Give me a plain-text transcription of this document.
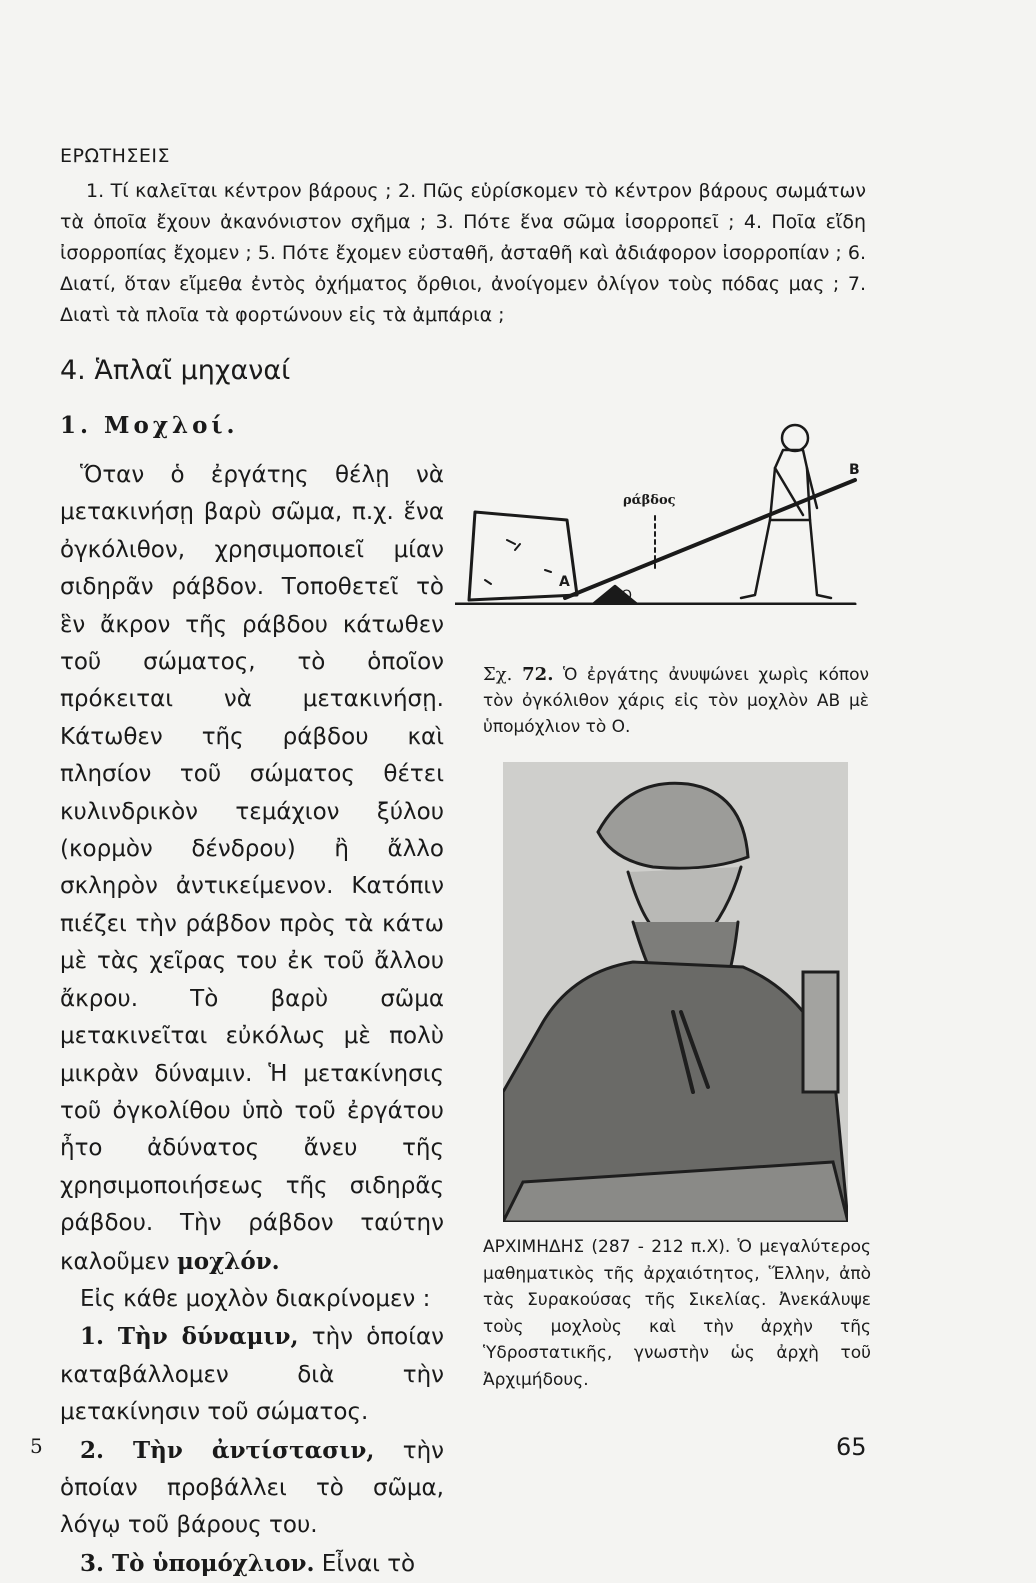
ΕΡΩΤΗΣΕΙΣ
1. Τί καλεῖται κέντρον βάρους ; 2. Πῶς εὑρίσκομεν τὸ κέντρον βάρους σωμάτων τὰ ὁποῖα ἔχουν ἀκανόνιστον σχῆμα ; 3. Πότε ἕνα σῶμα ἰσορροπεῖ ; 4. Ποῖα εἴδη ἰσορροπίας ἔχομεν ; 5. Πότε ἔχομεν εὐσταθῆ, ἀσταθῆ καὶ ἀδιάφορον ἰσορροπίαν ; 6. Διατί, ὅταν εἴμεθα ἐντὸς ὀχήματος ὄρθιοι, ἀνοίγομεν ὀλίγον τοὺς πόδας μας ; 7. Διατὶ τὰ πλοῖα τὰ φορτώνουν εἰς τὰ ἀμπάρια ;
4. Ἁπλαῖ μηχαναί
1. Μοχλοί.

Ὅταν ὁ ἐργάτης θέλῃ νὰ μετακινήσῃ βαρὺ σῶμα, π.χ. ἕνα ὀγκόλιθον, χρησιμοποιεῖ μίαν σιδηρᾶν ράβδον. Τοποθετεῖ τὸ ἓν ἄκρον τῆς ράβδου κάτωθεν τοῦ σώματος, τὸ ὁποῖον πρόκειται νὰ μετακινήσῃ. Κάτωθεν τῆς ράβδου καὶ πλησίον τοῦ σώματος θέτει κυλινδρικὸν τεμάχιον ξύλου (κορμὸν δένδρου) ἢ ἄλλο σκληρὸν ἀντικείμενον. Κατόπιν πιέζει τὴν ράβδον πρὸς τὰ κάτω μὲ τὰς χεῖρας του ἐκ τοῦ ἄλλου ἄκρου. Τὸ βαρὺ σῶμα μετακινεῖται εὐκόλως μὲ πολὺ μικρὰν δύναμιν. Ἡ μετακίνησις τοῦ ὀγκολίθου ὑπὸ τοῦ ἐργάτου ἦτο ἀδύνατος ἄνευ τῆς χρησιμοποιήσεως τῆς σιδηρᾶς ράβδου. Τὴν ράβδον ταύτην καλοῦμεν μοχλόν.

Εἰς κάθε μοχλὸν διακρίνομεν :

1. Τὴν δύναμιν, τὴν ὁποίαν καταβάλλομεν διὰ τὴν μετακίνησιν τοῦ σώματος.

2. Τὴν ἀντίστασιν, τὴν ὁποίαν προβάλλει τὸ σῶμα, λόγῳ τοῦ βάρους του.

3. Τὸ ὑπομόχλιον. Εἶναι τὸ

ράβδος
Α
Ο
Β
Σχ. 72. Ὁ ἐργάτης ἀνυψώνει χωρὶς κόπον τὸν ὀγκόλιθον χάρις εἰς τὸν μοχλὸν ΑΒ μὲ ὑπομόχλιον τὸ Ο.
ΑΡΧΙΜΗΔΗΣ (287 - 212 π.Χ). Ὁ μεγαλύτερος μαθηματικὸς τῆς ἀρχαιότητος, Ἕλλην, ἀπὸ τὰς Συρακούσας τῆς Σικελίας. Ἀνεκάλυψε τοὺς μοχλοὺς καὶ τὴν ἀρχὴν τῆς Ὑδροστατικῆς, γνωστὴν ὡς ἀρχὴ τοῦ Ἀρχιμήδους.
5	65
